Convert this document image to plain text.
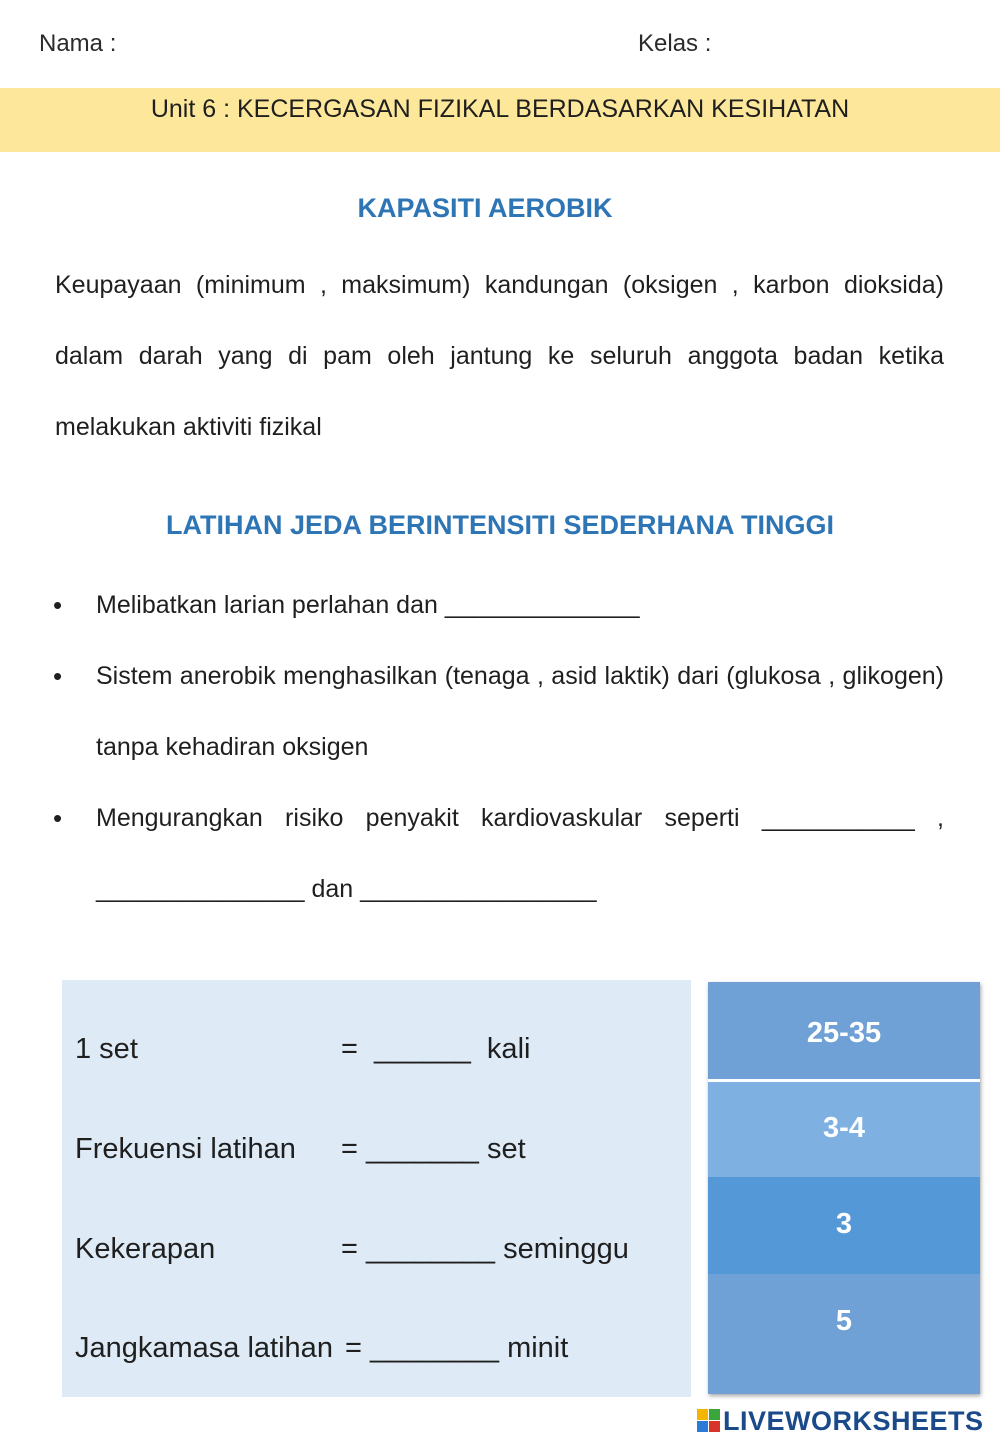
Nama :	Kelas :
Unit 6 : KECERGASAN FIZIKAL BERDASARKAN KESIHATAN
KAPASITI AEROBIK
Keupayaan (minimum , maksimum) kandungan (oksigen , karbon dioksida) dalam darah yang di pam oleh jantung ke seluruh anggota badan ketika melakukan aktiviti fizikal
LATIHAN JEDA BERINTENSITI SEDERHANA TINGGI
• Melibatkan larian perlahan dan ______________
• Sistem anerobik menghasilkan (tenaga , asid laktik) dari (glukosa , glikogen) tanpa kehadiran oksigen
• Mengurangkan risiko penyakit kardiovaskular seperti ___________ , _______________ dan _________________
1 set	=  ______  kali
Frekuensi latihan = _______ set
Kekerapan	= ________ seminggu
Jangkamasa latihan = ________ minit
25-35
3-4
3
5
LIVEWORKSHEETS
